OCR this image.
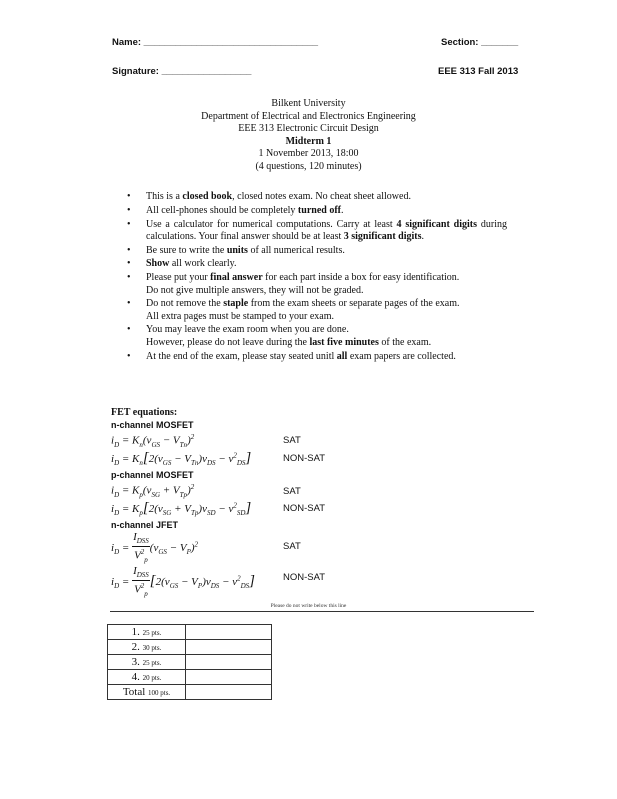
Name: _________________________________	Section: _______
Signature: _________________	EEE 313 Fall 2013
Bilkent University
Department of Electrical and Electronics Engineering
EEE 313 Electronic Circuit Design
Midterm 1
1 November 2013, 18:00
(4 questions, 120 minutes)
• This is a closed book, closed notes exam. No cheat sheet allowed.
• All cell-phones should be completely turned off.
• Use a calculator for numerical computations. Carry at least 4 significant digits during calculations. Your final answer should be at least 3 significant digits.
• Be sure to write the units of all numerical results.
• Show all work clearly.
• Please put your final answer for each part inside a box for easy identification.
Do not give multiple answers, they will not be graded.
• Do not remove the staple from the exam sheets or separate pages of the exam.
All extra pages must be stamped to your exam.
• You may leave the exam room when you are done.
However, please do not leave during the last five minutes of the exam.
• At the end of the exam, please stay seated unitl all exam papers are collected.
FET equations:
n-channel MOSFET
$i_D = K_n(v_{GS} - V_{Tn})^2$	SAT
$i_D = K_n[2(v_{GS} - V_{Tn})v_{DS} - v^2_{DS}]$	NON-SAT
p-channel MOSFET
$i_D = K_p(v_{SG} + V_{Tp})^2$	SAT
$i_D = K_p[2(v_{SG} + V_{Tp})v_{SD} - v^2_{SD}]$	NON-SAT
n-channel JFET
$i_D = \frac{I_{DSS}}{V^2_p} (v_{GS} - V_P)^2$	SAT
$i_D = \frac{I_{DSS}}{V^2_p} [2(v_{GS} - V_P)v_{DS} - v^2_{DS}]$	NON-SAT
Please do not write below this line
1. 25 pts.	
2. 30 pts.	
3. 25 pts.	
4. 20 pts.	
Total 100 pts.	
